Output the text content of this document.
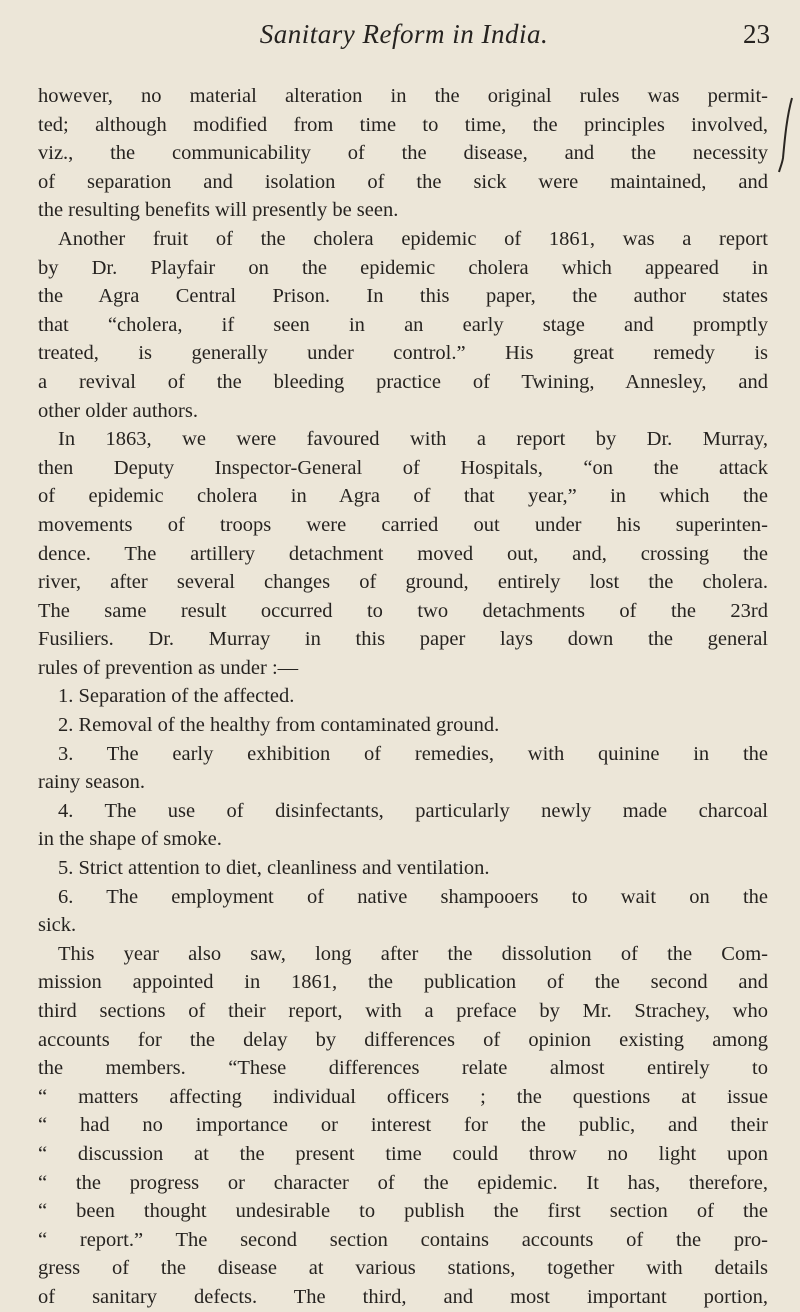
Sanitary Reform in India.	23
however, no material alteration in the original rules was permit-
ted; although modified from time to time, the principles involved,
viz., the communicability of the disease, and the necessity
of separation and isolation of the sick were maintained, and
the resulting benefits will presently be seen.
Another fruit of the cholera epidemic of 1861, was a report
by Dr. Playfair on the epidemic cholera which appeared in
the Agra Central Prison. In this paper, the author states
that “cholera, if seen in an early stage and promptly
treated, is generally under control.” His great remedy is
a revival of the bleeding practice of Twining, Annesley, and
other older authors.
In 1863, we were favoured with a report by Dr. Murray,
then Deputy Inspector-General of Hospitals, “on the attack
of epidemic cholera in Agra of that year,” in which the
movements of troops were carried out under his superinten-
dence. The artillery detachment moved out, and, crossing the
river, after several changes of ground, entirely lost the cholera.
The same result occurred to two detachments of the 23rd
Fusiliers. Dr. Murray in this paper lays down the general
rules of prevention as under :—
1. Separation of the affected.
2. Removal of the healthy from contaminated ground.
3. The early exhibition of remedies, with quinine in the
rainy season.
4. The use of disinfectants, particularly newly made charcoal
in the shape of smoke.
5. Strict attention to diet, cleanliness and ventilation.
6. The employment of native shampooers to wait on the
sick.
This year also saw, long after the dissolution of the Com-
mission appointed in 1861, the publication of the second and
third sections of their report, with a preface by Mr. Strachey, who
accounts for the delay by differences of opinion existing among
the members. “These differences relate almost entirely to
“ matters affecting individual officers ; the questions at issue
“ had no importance or interest for the public, and their
“ discussion at the present time could throw no light upon
“ the progress or character of the epidemic. It has, therefore,
“ been thought undesirable to publish the first section of the
“ report.” The second section contains accounts of the pro-
gress of the disease at various stations, together with details
of sanitary defects. The third, and most important portion,
